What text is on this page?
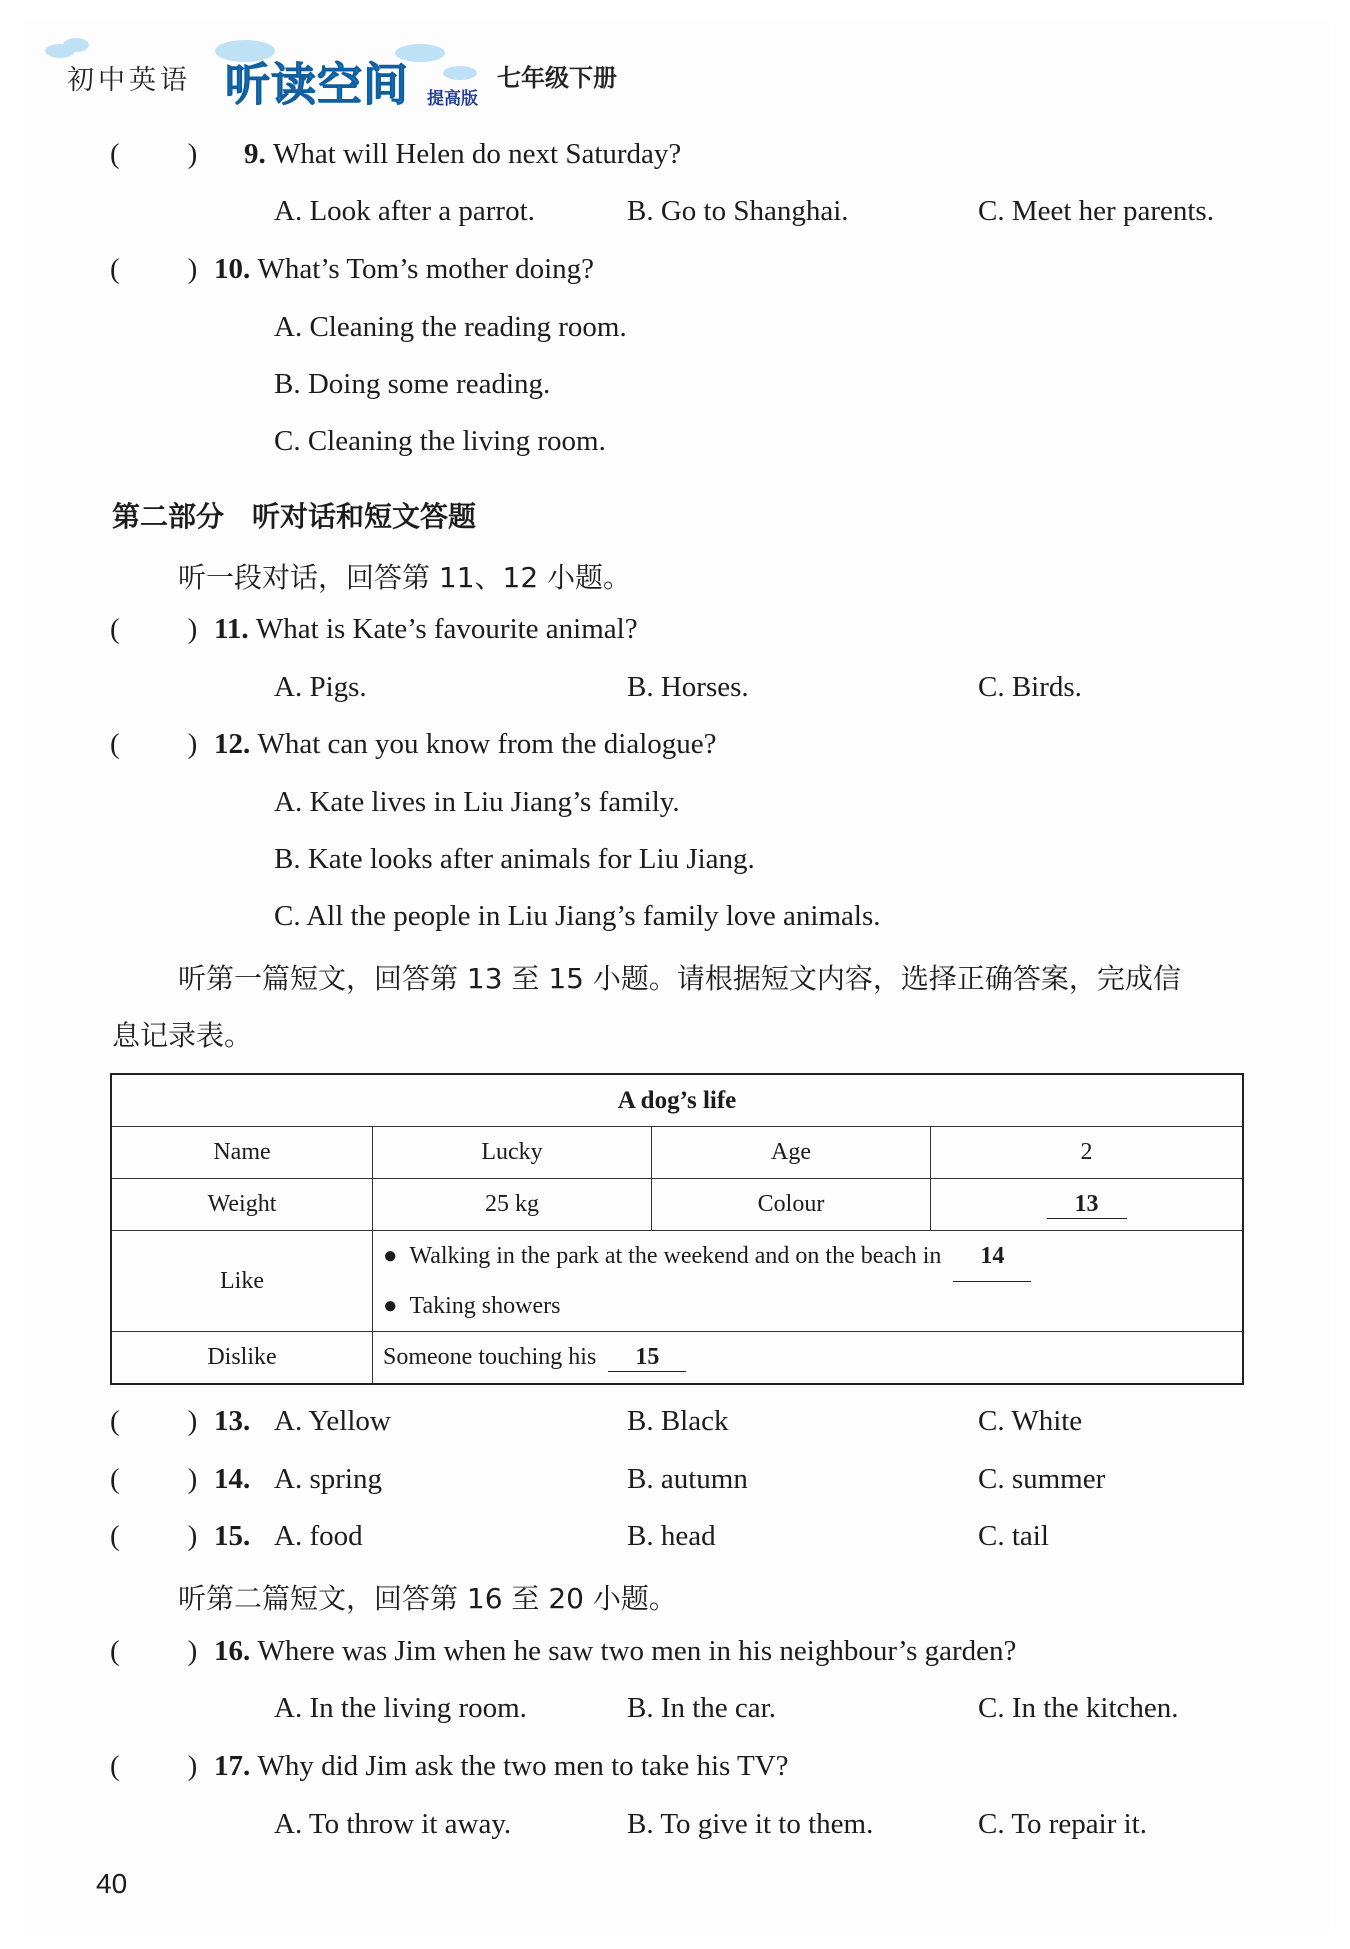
初中英语 听读空间 提高版
七年级下册
( ) 9. What will Helen do next Saturday?
A. Look after a parrot.	B. Go to Shanghai.	C. Meet her parents.
( ) 10. What’s Tom’s mother doing?
A. Cleaning the reading room.
B. Doing some reading.
C. Cleaning the living room.
第二部分　听对话和短文答题
听一段对话，回答第 11、12 小题。
( ) 11. What is Kate’s favourite animal?
A. Pigs.	B. Horses.	C. Birds.
( ) 12. What can you know from the dialogue?
A. Kate lives in Liu Jiang’s family.
B. Kate looks after animals for Liu Jiang.
C. All the people in Liu Jiang’s family love animals.
听第一篇短文，回答第 13 至 15 小题。请根据短文内容，选择正确答案，完成信
息记录表。
A dog’s life			
Name	Lucky	Age	2
Weight	25 kg	Colour	13
Like	● Walking in the park at the weekend and on the beach in 14
● Taking showers		

Dislike	Someone touching his 15		
( ) 13. A. Yellow	B. Black	C. White
( ) 14. A. spring	B. autumn	C. summer
( ) 15. A. food	B. head	C. tail
听第二篇短文，回答第 16 至 20 小题。
( ) 16. Where was Jim when he saw two men in his neighbour’s garden?
A. In the living room.	B. In the car.	C. In the kitchen.
( ) 17. Why did Jim ask the two men to take his TV?
A. To throw it away.	B. To give it to them.	C. To repair it.
40
